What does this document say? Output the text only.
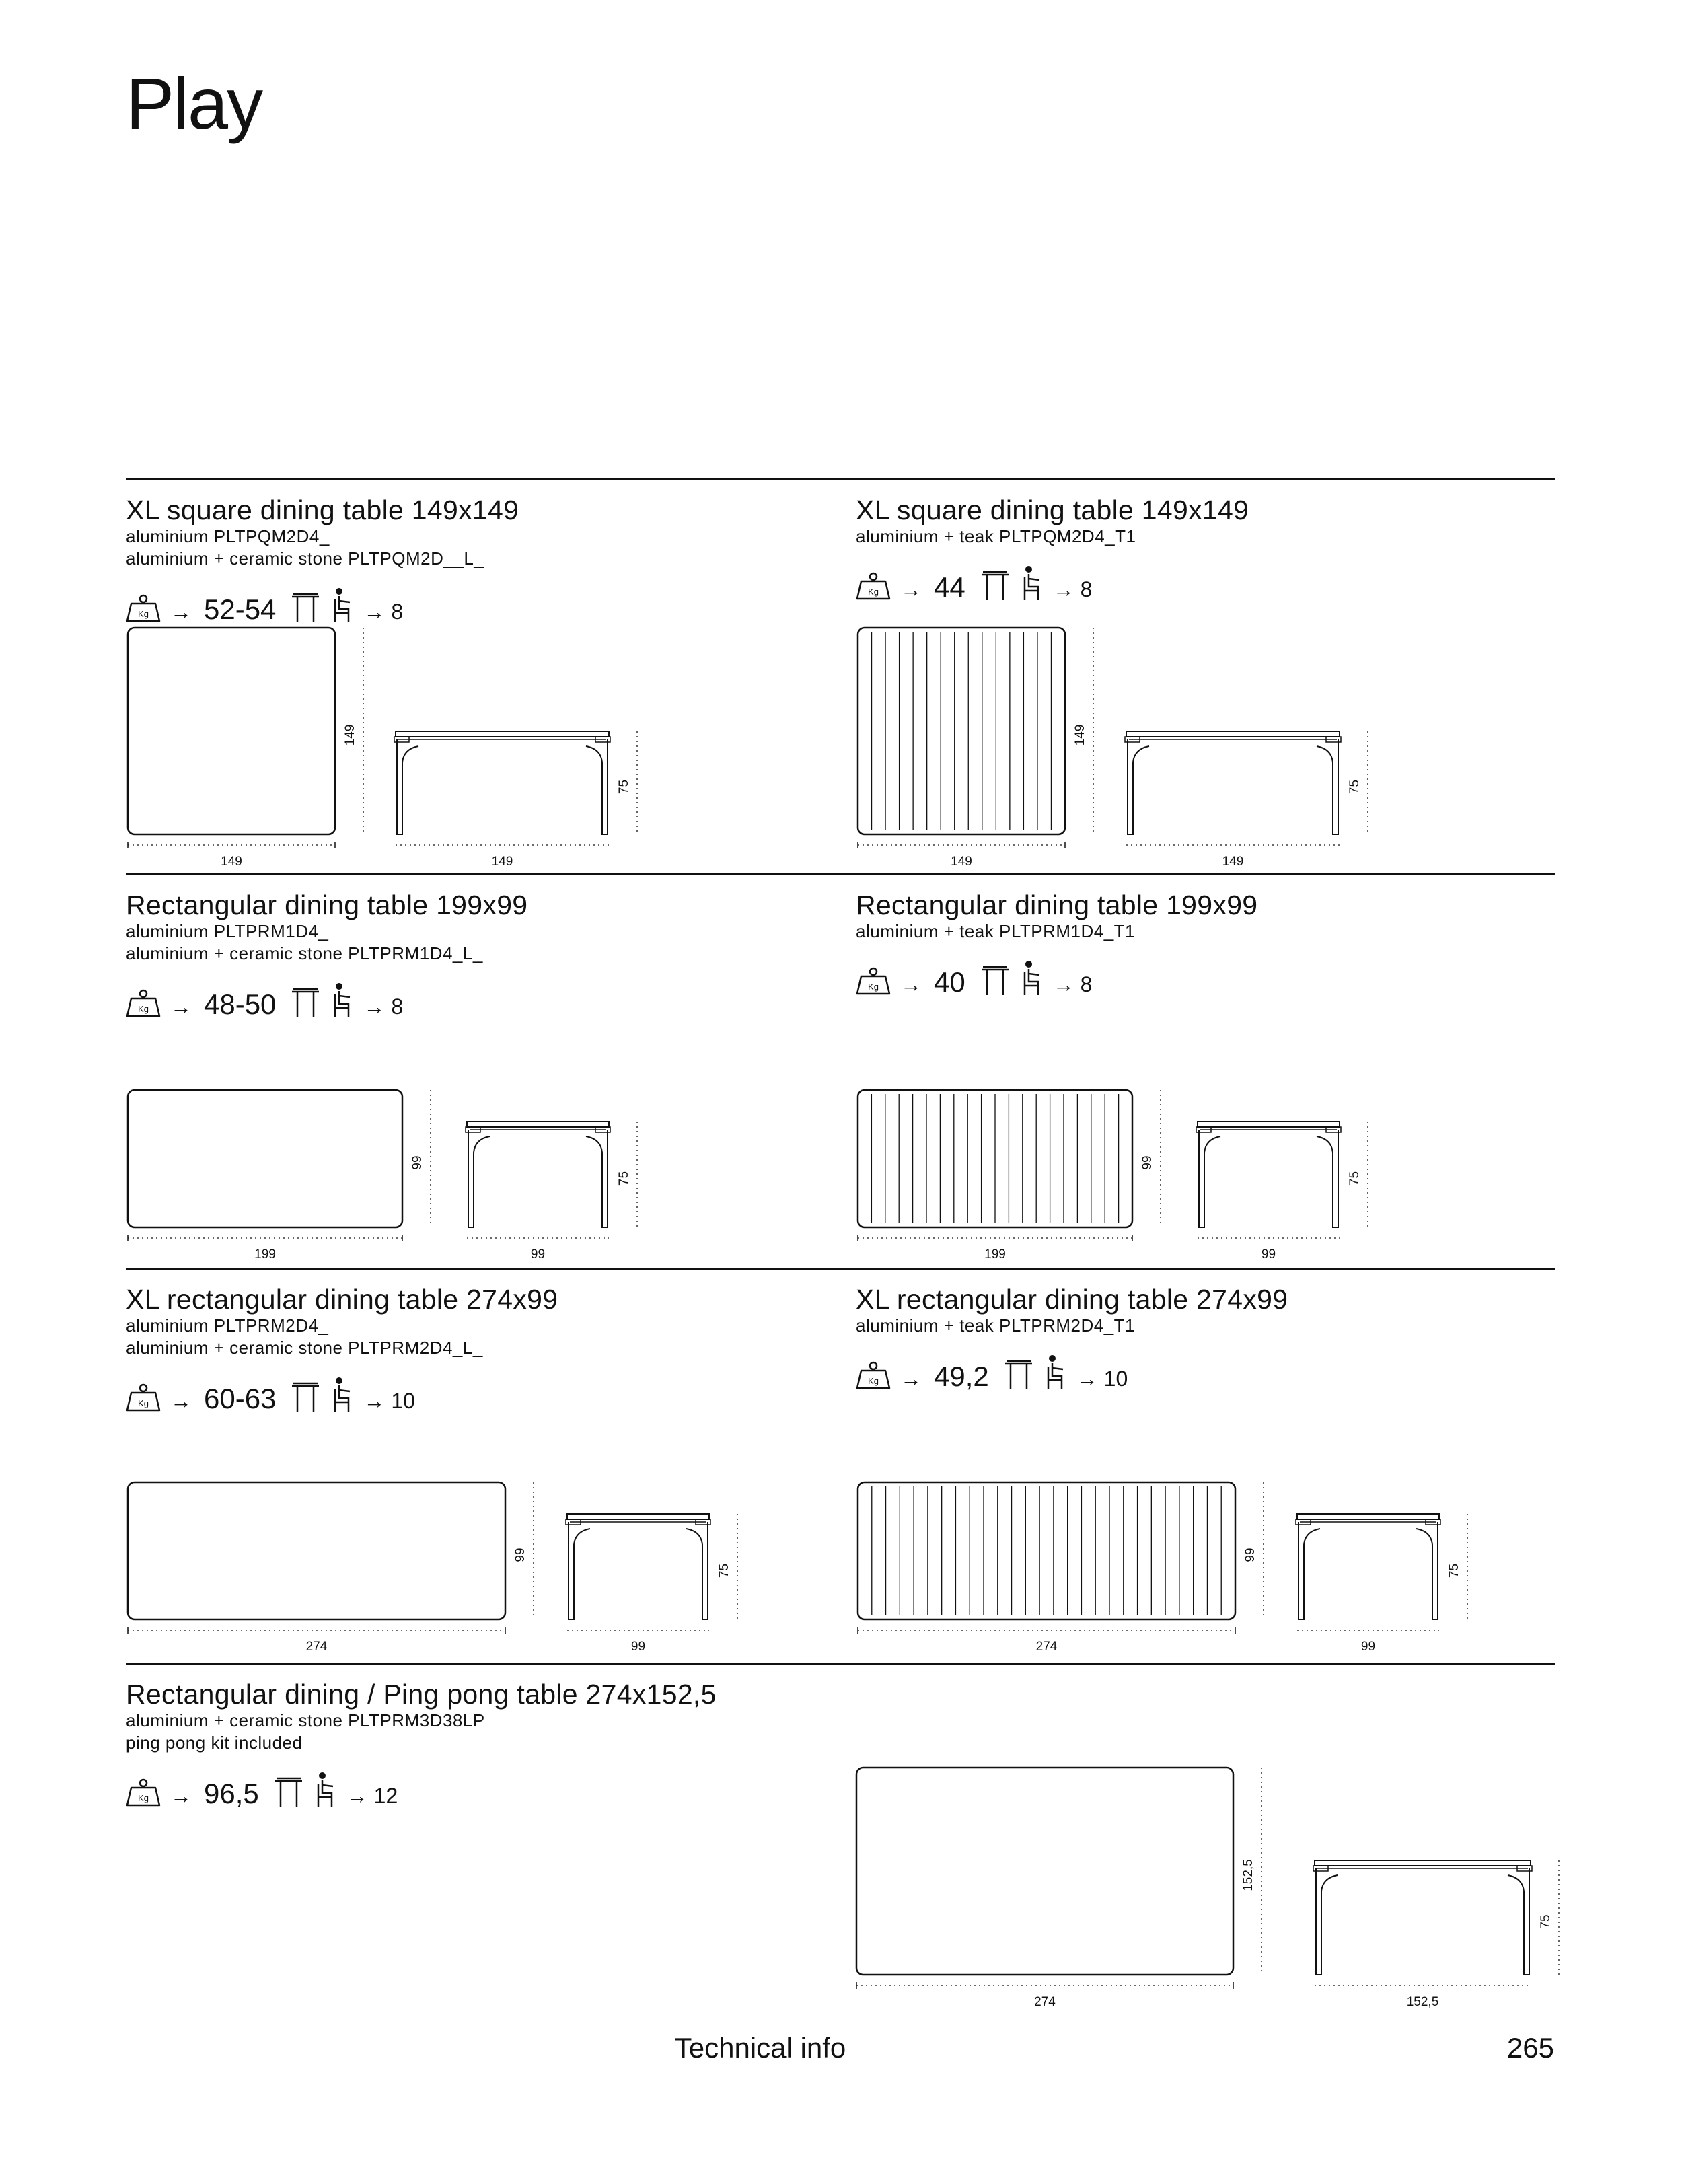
Play
XL square dining table 149x149
aluminium PLTPQM2D4_
aluminium + ceramic stone PLTPQM2D__L_
Kg → 52-54	→ 8
XL square dining table 149x149
aluminium + teak PLTPQM2D4_T1
Kg → 44	→ 8
Rectangular dining table 199x99
aluminium PLTPRM1D4_
aluminium + ceramic stone PLTPRM1D4_L_
Kg → 48-50	→ 8
Rectangular dining table 199x99
aluminium + teak PLTPRM1D4_T1
Kg → 40	→ 8
XL rectangular dining table 274x99
aluminium PLTPRM2D4_
aluminium + ceramic stone PLTPRM2D4_L_
Kg → 60-63	→ 10
XL rectangular dining table 274x99
aluminium + teak PLTPRM2D4_T1
Kg → 49,2	→ 10
Rectangular dining / Ping pong table 274x152,5
aluminium + ceramic stone PLTPRM3D38LP
ping pong kit included
Kg → 96,5	→ 12
Technical info	265
149
149
149
75
149
149
149
75
199
99
99
75
199
99
99
75
274
99
99
75
274
99
99
75
274
152,5
152,5
75
